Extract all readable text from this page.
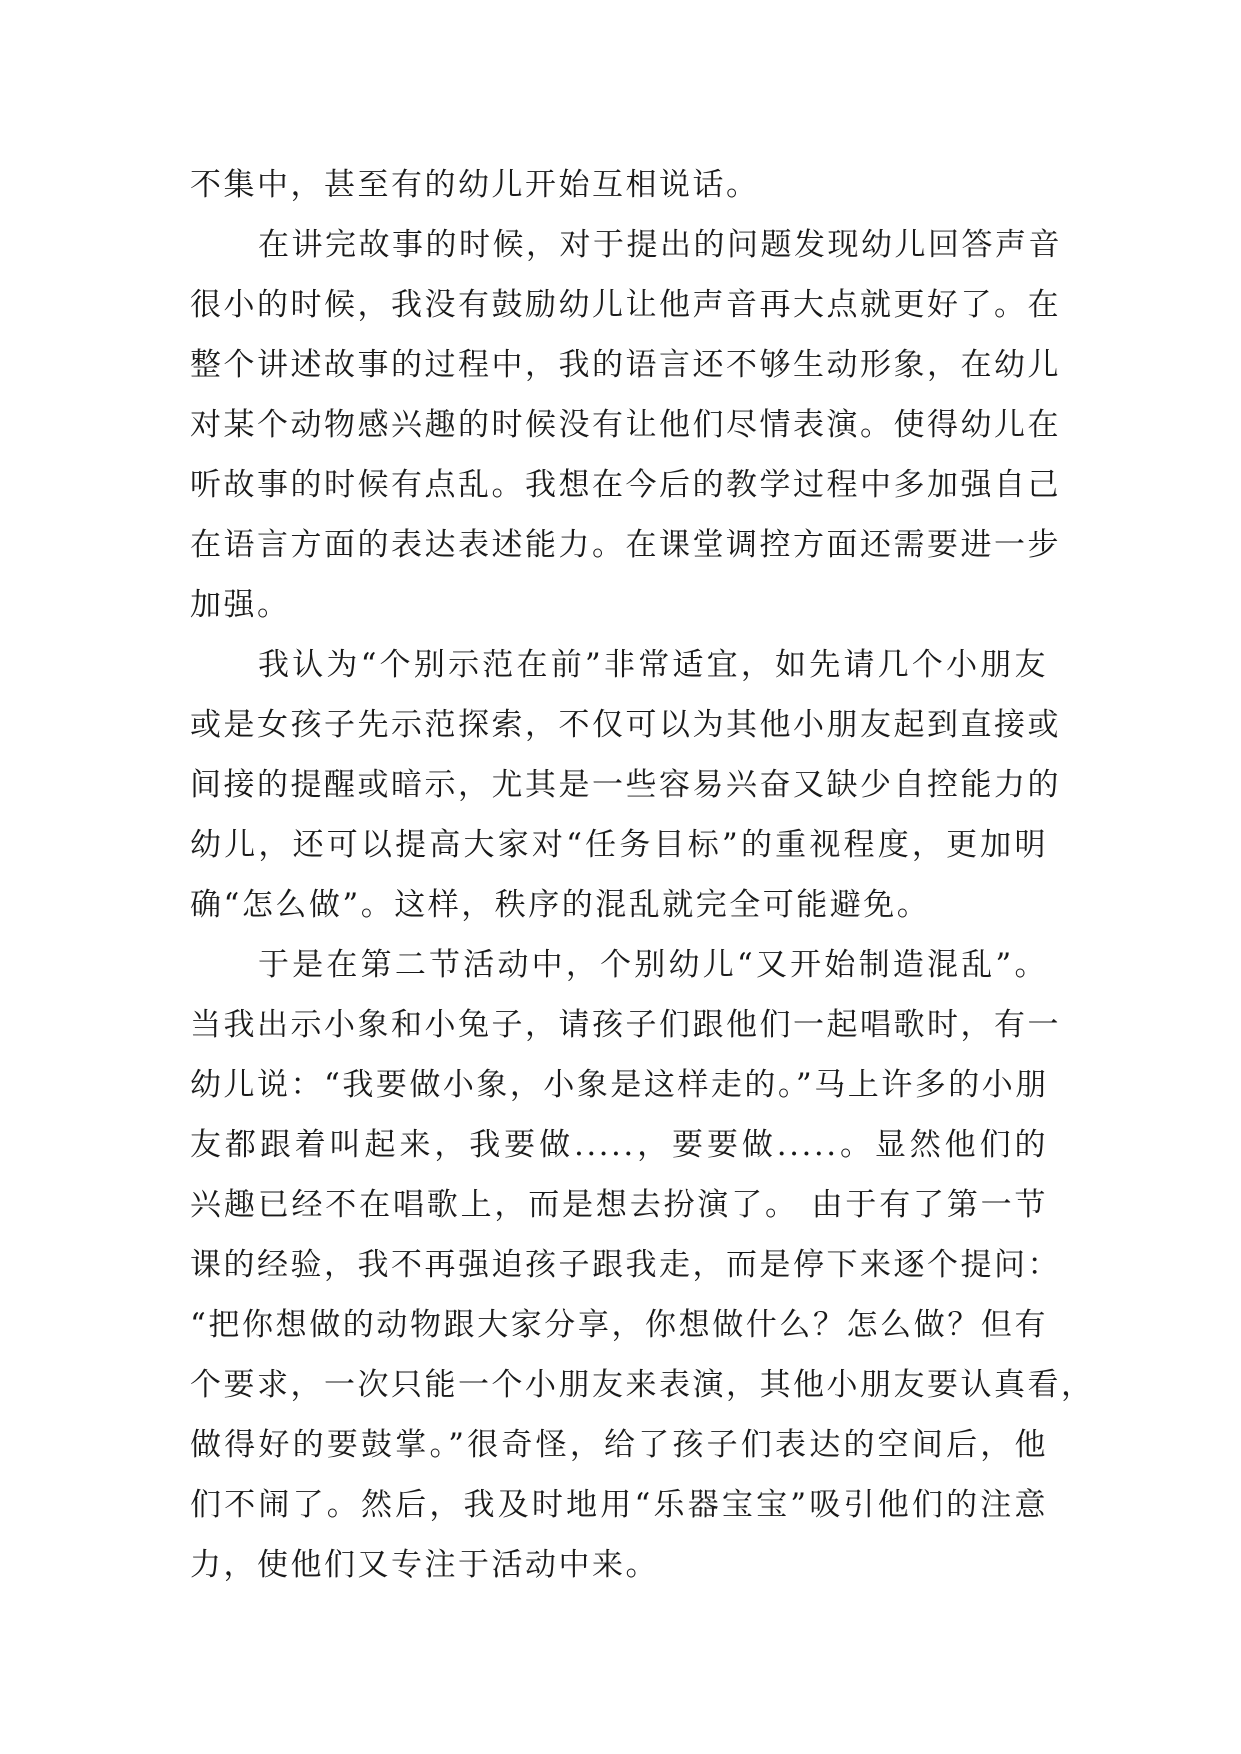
不集中，甚至有的幼儿开始互相说话。
在讲完故事的时候，对于提出的问题发现幼儿回答声音
很小的时候，我没有鼓励幼儿让他声音再大点就更好了。在
整个讲述故事的过程中，我的语言还不够生动形象，在幼儿
对某个动物感兴趣的时候没有让他们尽情表演。使得幼儿在
听故事的时候有点乱。我想在今后的教学过程中多加强自己
在语言方面的表达表述能力。在课堂调控方面还需要进一步
加强。
我认为“个别示范在前”非常适宜，如先请几个小朋友
或是女孩子先示范探索，不仅可以为其他小朋友起到直接或
间接的提醒或暗示，尤其是一些容易兴奋又缺少自控能力的
幼儿，还可以提高大家对“任务目标”的重视程度，更加明
确“怎么做”。这样，秩序的混乱就完全可能避免。
于是在第二节活动中，个别幼儿“又开始制造混乱”。
当我出示小象和小兔子，请孩子们跟他们一起唱歌时，有一
幼儿说：“我要做小象，小象是这样走的。”马上许多的小朋
友都跟着叫起来，我要做.....，要要做.....。显然他们的
兴趣已经不在唱歌上，而是想去扮演了。 由于有了第一节
课的经验，我不再强迫孩子跟我走，而是停下来逐个提问：
“把你想做的动物跟大家分享，你想做什么？怎么做？但有
个要求，一次只能一个小朋友来表演，其他小朋友要认真看，
做得好的要鼓掌。”很奇怪，给了孩子们表达的空间后，他
们不闹了。然后，我及时地用“乐器宝宝”吸引他们的注意
力，使他们又专注于活动中来。
